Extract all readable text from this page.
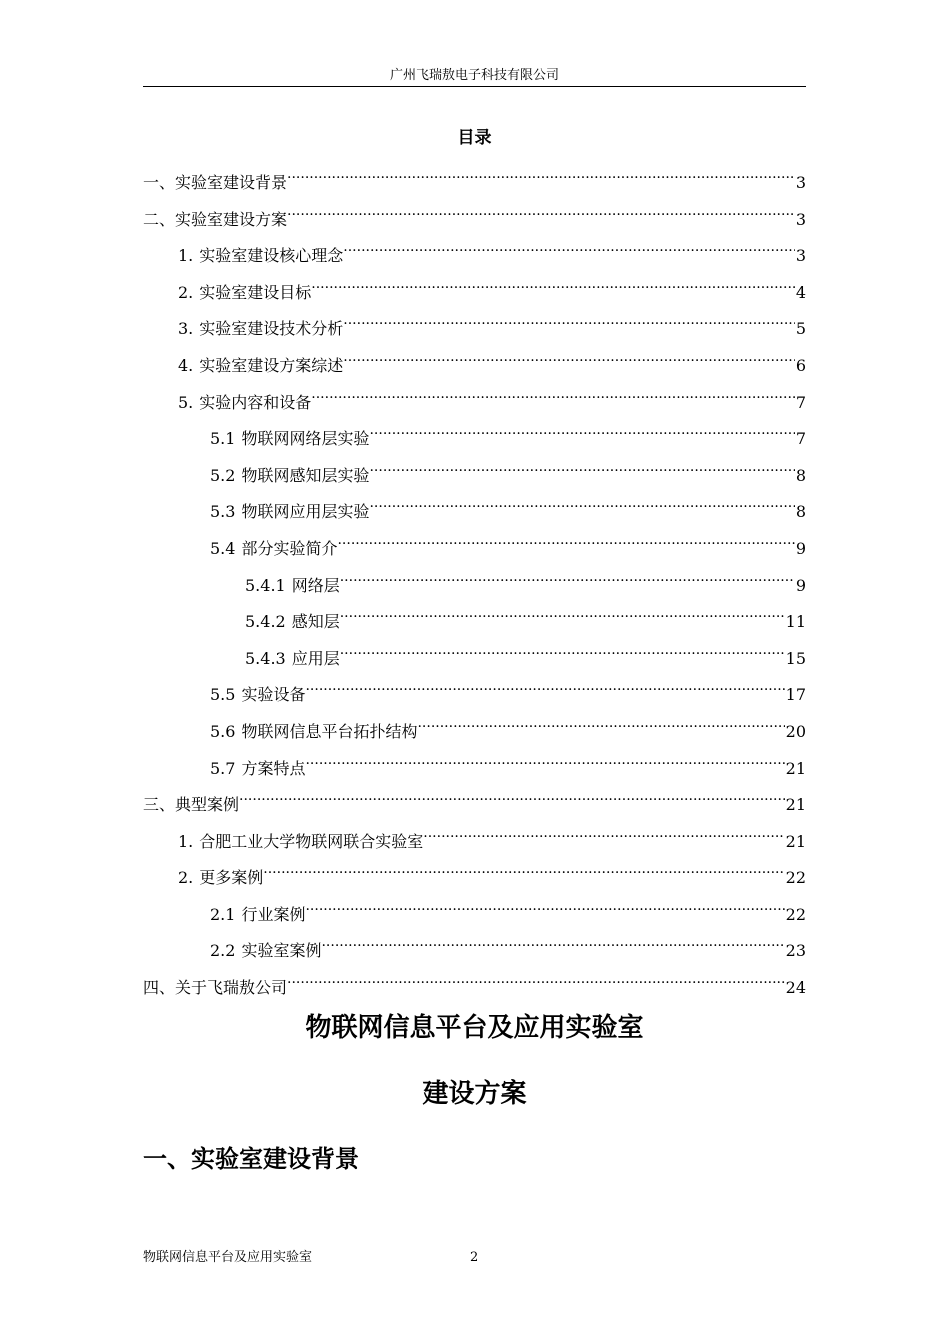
广州飞瑞敖电子科技有限公司
目录
一、 实验室建设背景 .....	3
二、 实验室建设方案 .....	3
1. 实验室建设核心理念 .....	3
2. 实验室建设目标 .....	4
3. 实验室建设技术分析 .....	5
4. 实验室建设方案综述 .....	6
5. 实验内容和设备 .....	7
5.1 物联网网络层实验 .....	7
5.2 物联网感知层实验 .....	8
5.3 物联网应用层实验 .....	8
5.4 部分实验简介 .....	9
5.4.1 网络层 .....	9
5.4.2 感知层 .....	11
5.4.3 应用层 .....	15
5.5 实验设备 .....	17
5.6 物联网信息平台拓扑结构 .....	20
5.7 方案特点 .....	21
三、 典型案例 .....	21
1. 合肥工业大学物联网联合实验室 .....	21
2. 更多案例 .....	22
2.1 行业案例 .....	22
2.2 实验室案例 .....	23
四、 关于飞瑞敖公司 .....	24
物联网信息平台及应用实验室
建设方案
一、实验室建设背景
物联网信息平台及应用实验室	2
